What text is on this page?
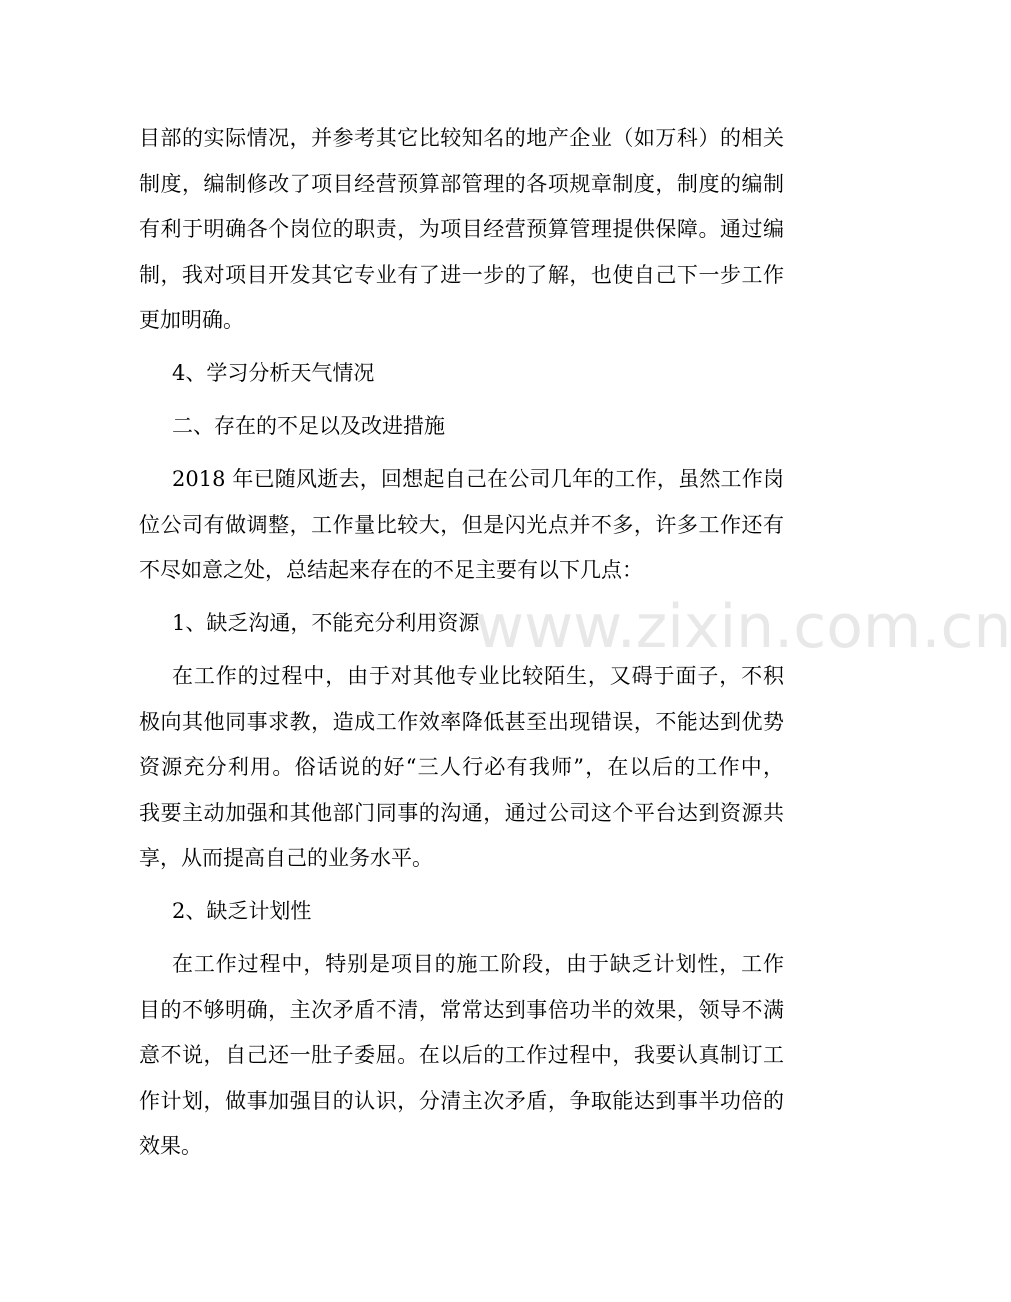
目部的实际情况，并参考其它比较知名的地产企业（如万科）的相关
制度，编制修改了项目经营预算部管理的各项规章制度，制度的编制
有利于明确各个岗位的职责，为项目经营预算管理提供保障。通过编
制，我对项目开发其它专业有了进一步的了解，也使自己下一步工作
更加明确。
4、学习分析天气情况
二、存在的不足以及改进措施
2018 年已随风逝去，回想起自己在公司几年的工作，虽然工作岗
位公司有做调整，工作量比较大，但是闪光点并不多，许多工作还有
不尽如意之处，总结起来存在的不足主要有以下几点：
1、缺乏沟通，不能充分利用资源
在工作的过程中，由于对其他专业比较陌生，又碍于面子，不积
极向其他同事求教，造成工作效率降低甚至出现错误，不能达到优势
资源充分利用。俗话说的好“三人行必有我师”，在以后的工作中，
我要主动加强和其他部门同事的沟通，通过公司这个平台达到资源共
享，从而提高自己的业务水平。
2、缺乏计划性
在工作过程中，特别是项目的施工阶段，由于缺乏计划性，工作
目的不够明确，主次矛盾不清，常常达到事倍功半的效果，领导不满
意不说，自己还一肚子委屈。在以后的工作过程中，我要认真制订工
作计划，做事加强目的认识，分清主次矛盾，争取能达到事半功倍的
效果。
www.zixin.com.cn
